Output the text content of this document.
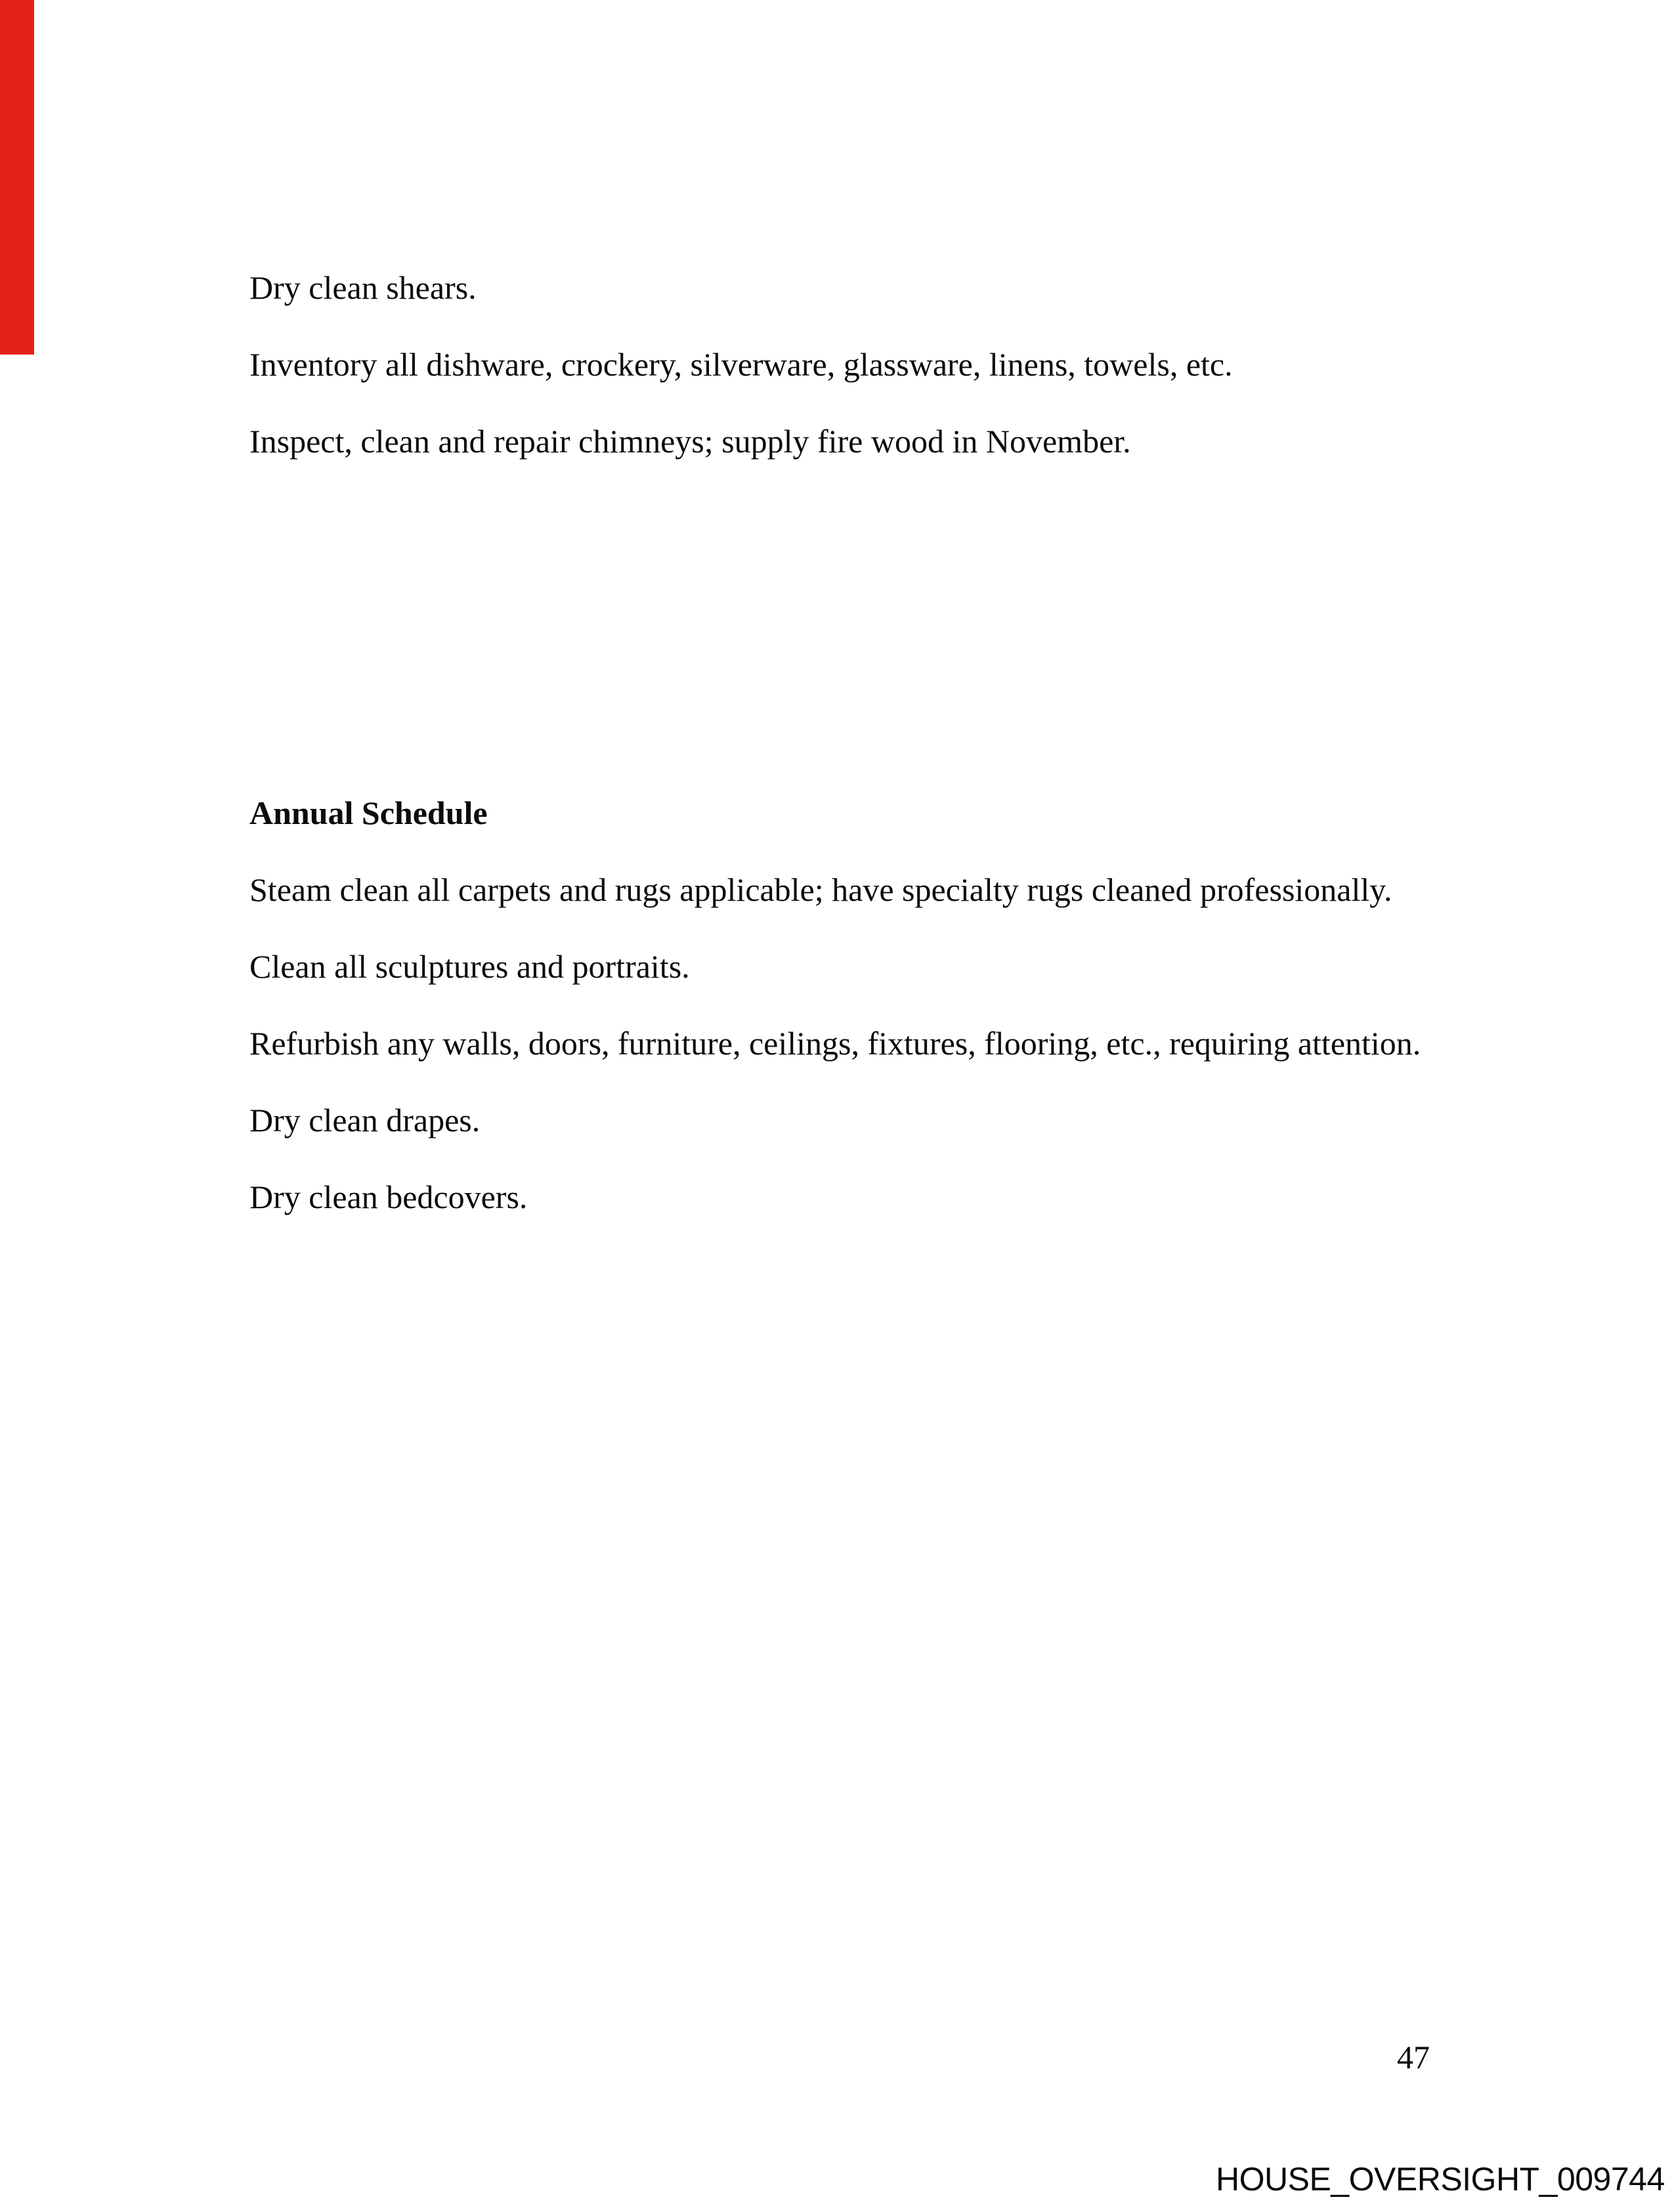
Dry clean shears.

Inventory all dishware, crockery, silverware, glassware, linens, towels, etc.

Inspect, clean and repair chimneys; supply fire wood in November.

Annual Schedule

Steam clean all carpets and rugs applicable; have specialty rugs cleaned professionally.

Clean all sculptures and portraits.

Refurbish any walls, doors, furniture, ceilings, fixtures, flooring, etc., requiring attention.

Dry clean drapes.

Dry clean bedcovers.

47
HOUSE_OVERSIGHT_009744
